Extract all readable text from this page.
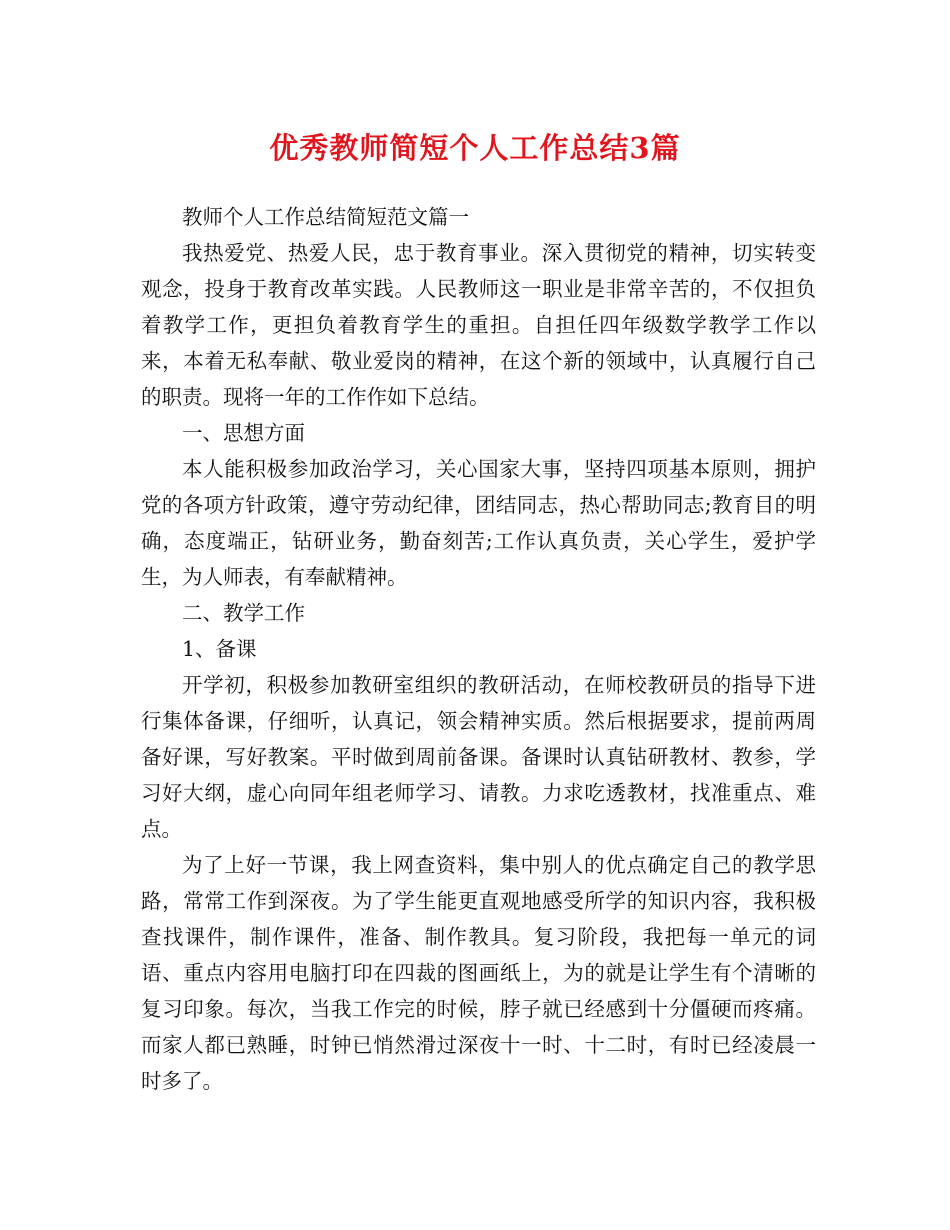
优秀教师简短个人工作总结3篇

教师个人工作总结简短范文篇一

我热爱党、热爱人民，忠于教育事业。深入贯彻党的精神，切实转变观念，投身于教育改革实践。人民教师这一职业是非常辛苦的，不仅担负着教学工作，更担负着教育学生的重担。自担任四年级数学教学工作以来，本着无私奉献、敬业爱岗的精神，在这个新的领域中，认真履行自己的职责。现将一年的工作作如下总结。

一、思想方面

本人能积极参加政治学习，关心国家大事，坚持四项基本原则，拥护党的各项方针政策，遵守劳动纪律，团结同志，热心帮助同志;教育目的明确，态度端正，钻研业务，勤奋刻苦;工作认真负责，关心学生，爱护学生，为人师表，有奉献精神。

二、教学工作

1、备课

开学初，积极参加教研室组织的教研活动，在师校教研员的指导下进行集体备课，仔细听，认真记，领会精神实质。然后根据要求，提前两周备好课，写好教案。平时做到周前备课。备课时认真钻研教材、教参，学习好大纲，虚心向同年组老师学习、请教。力求吃透教材，找准重点、难点。

为了上好一节课，我上网查资料，集中别人的优点确定自己的教学思路，常常工作到深夜。为了学生能更直观地感受所学的知识内容，我积极查找课件，制作课件，准备、制作教具。复习阶段，我把每一单元的词语、重点内容用电脑打印在四裁的图画纸上，为的就是让学生有个清晰的复习印象。每次，当我工作完的时候，脖子就已经感到十分僵硬而疼痛。而家人都已熟睡，时钟已悄然滑过深夜十一时、十二时，有时已经凌晨一时多了。
